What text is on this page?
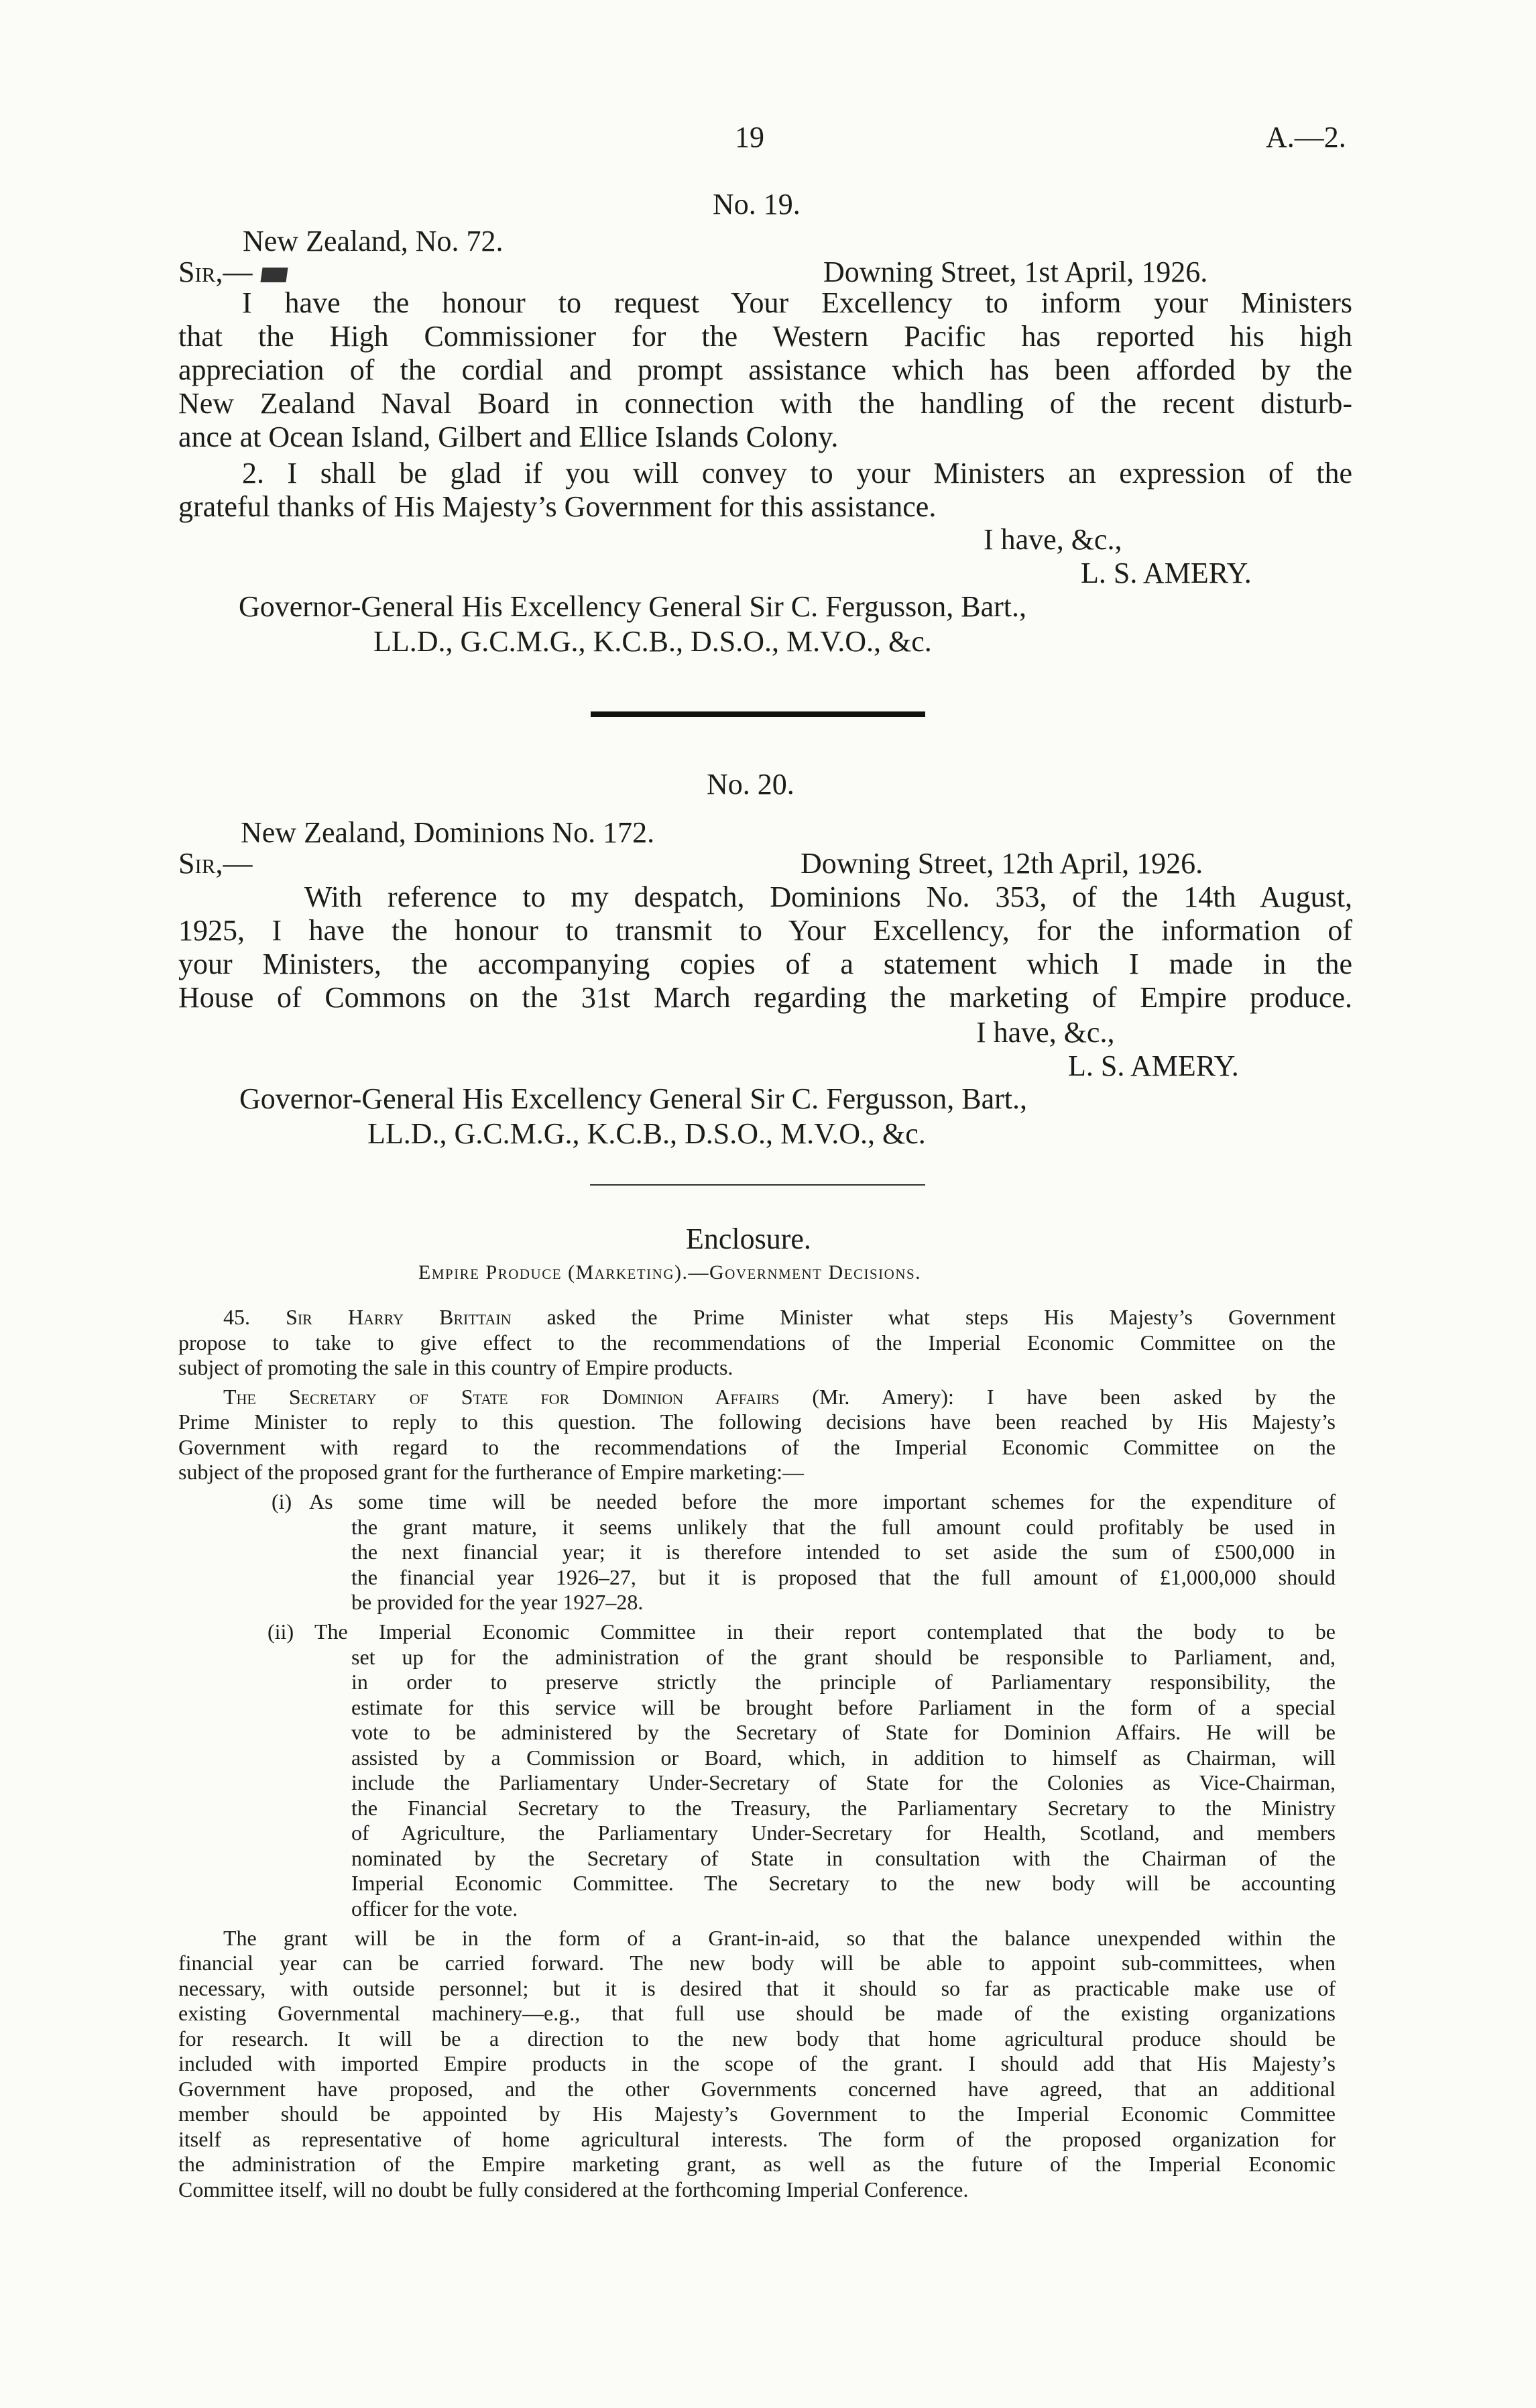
19	A.—2.
No. 19.
New Zealand, No. 72.
Sir,—	Downing Street, 1st April, 1926.
I have the honour to request Your Excellency to inform your Ministers
that the High Commissioner for the Western Pacific has reported his high
appreciation of the cordial and prompt assistance which has been afforded by the
New Zealand Naval Board in connection with the handling of the recent disturb-
ance at Ocean Island, Gilbert and Ellice Islands Colony.
2. I shall be glad if you will convey to your Ministers an expression of the
grateful thanks of His Majesty’s Government for this assistance.
I have, &c.,
L. S. AMERY.
Governor-General His Excellency General Sir C. Fergusson, Bart.,
LL.D., G.C.M.G., K.C.B., D.S.O., M.V.O., &c.
No. 20.
New Zealand, Dominions No. 172.
Sir,—	Downing Street, 12th April, 1926.
With reference to my despatch, Dominions No. 353, of the 14th August,
1925, I have the honour to transmit to Your Excellency, for the information of
your Ministers, the accompanying copies of a statement which I made in the
House of Commons on the 31st March regarding the marketing of Empire produce.
I have, &c.,
L. S. AMERY.
Governor-General His Excellency General Sir C. Fergusson, Bart.,
LL.D., G.C.M.G., K.C.B., D.S.O., M.V.O., &c.
Enclosure.
Empire Produce (Marketing).—Government Decisions.
45. Sir Harry Brittain asked the Prime Minister what steps His Majesty’s Government
propose to take to give effect to the recommendations of the Imperial Economic Committee on the
subject of promoting the sale in this country of Empire products.
The Secretary of State for Dominion Affairs (Mr. Amery): I have been asked by the
Prime Minister to reply to this question. The following decisions have been reached by His Majesty’s
Government with regard to the recommendations of the Imperial Economic Committee on the
subject of the proposed grant for the furtherance of Empire marketing:—
(i) As some time will be needed before the more important schemes for the expenditure of
the grant mature, it seems unlikely that the full amount could profitably be used in
the next financial year; it is therefore intended to set aside the sum of £500,000 in
the financial year 1926–27, but it is proposed that the full amount of £1,000,000 should
be provided for the year 1927–28.
(ii) The Imperial Economic Committee in their report contemplated that the body to be
set up for the administration of the grant should be responsible to Parliament, and,
in order to preserve strictly the principle of Parliamentary responsibility, the
estimate for this service will be brought before Parliament in the form of a special
vote to be administered by the Secretary of State for Dominion Affairs. He will be
assisted by a Commission or Board, which, in addition to himself as Chairman, will
include the Parliamentary Under-Secretary of State for the Colonies as Vice-Chairman,
the Financial Secretary to the Treasury, the Parliamentary Secretary to the Ministry
of Agriculture, the Parliamentary Under-Secretary for Health, Scotland, and members
nominated by the Secretary of State in consultation with the Chairman of the
Imperial Economic Committee. The Secretary to the new body will be accounting
officer for the vote.
The grant will be in the form of a Grant-in-aid, so that the balance unexpended within the
financial year can be carried forward. The new body will be able to appoint sub-committees, when
necessary, with outside personnel; but it is desired that it should so far as practicable make use of
existing Governmental machinery—e.g., that full use should be made of the existing organizations
for research. It will be a direction to the new body that home agricultural produce should be
included with imported Empire products in the scope of the grant. I should add that His Majesty’s
Government have proposed, and the other Governments concerned have agreed, that an additional
member should be appointed by His Majesty’s Government to the Imperial Economic Committee
itself as representative of home agricultural interests. The form of the proposed organization for
the administration of the Empire marketing grant, as well as the future of the Imperial Economic
Committee itself, will no doubt be fully considered at the forthcoming Imperial Conference.
